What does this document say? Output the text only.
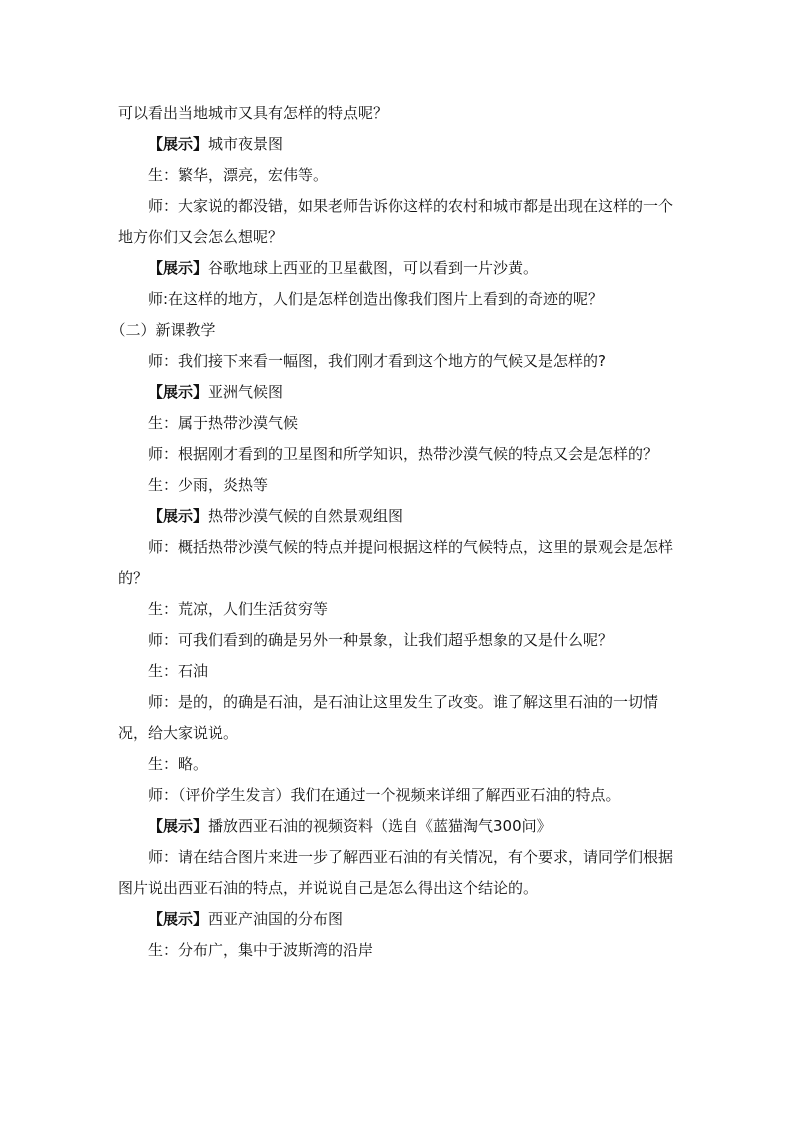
可以看出当地城市又具有怎样的特点呢？

【展示】城市夜景图

生：繁华，漂亮，宏伟等。

师：大家说的都没错，如果老师告诉你这样的农村和城市都是出现在这样的一个地方你们又会怎么想呢？

【展示】谷歌地球上西亚的卫星截图，可以看到一片沙黄。

师:在这样的地方，人们是怎样创造出像我们图片上看到的奇迹的呢？

（二）新课教学

师：我们接下来看一幅图，我们刚才看到这个地方的气候又是怎样的?

【展示】亚洲气候图

生：属于热带沙漠气候

师：根据刚才看到的卫星图和所学知识，热带沙漠气候的特点又会是怎样的？

生：少雨，炎热等

【展示】热带沙漠气候的自然景观组图

师：概括热带沙漠气候的特点并提问根据这样的气候特点，这里的景观会是怎样的？

生：荒凉，人们生活贫穷等

师：可我们看到的确是另外一种景象，让我们超乎想象的又是什么呢？

生：石油

师：是的，的确是石油，是石油让这里发生了改变。谁了解这里石油的一切情况，给大家说说。

生：略。

师：（评价学生发言）我们在通过一个视频来详细了解西亚石油的特点。

【展示】播放西亚石油的视频资料（选自《蓝猫淘气300问》

师：请在结合图片来进一步了解西亚石油的有关情况，有个要求，请同学们根据图片说出西亚石油的特点，并说说自己是怎么得出这个结论的。

【展示】西亚产油国的分布图

生：分布广，集中于波斯湾的沿岸
